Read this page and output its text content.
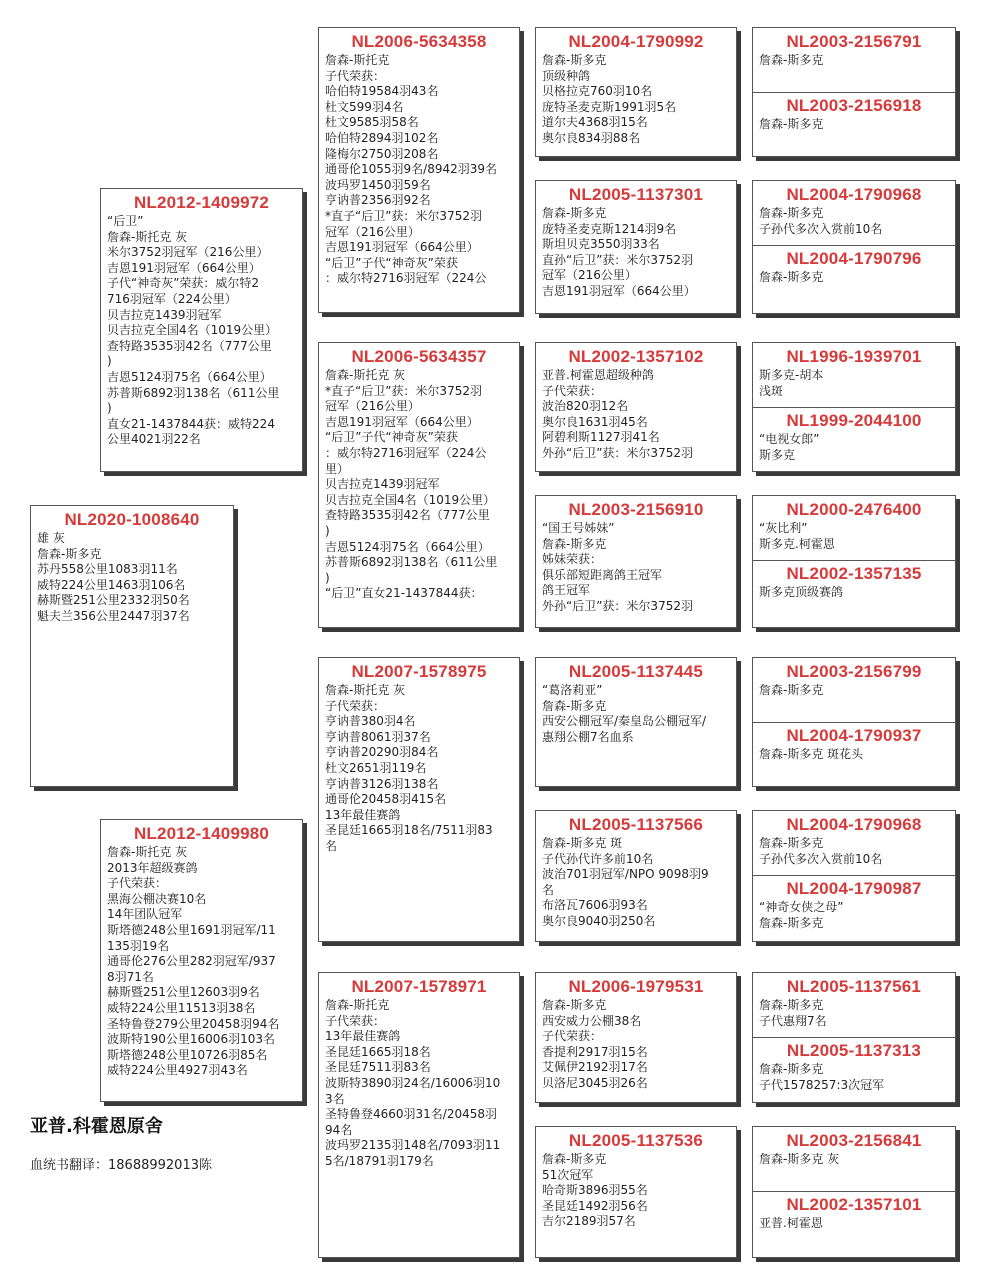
NL2020-1008640
雄 灰
詹森-斯多克
苏丹558公里1083羽11名
威特224公里1463羽106名
赫斯暨251公里2332羽50名
魁夫兰356公里2447羽37名
NL2012-1409972
“后卫”
詹森-斯托克 灰
米尔3752羽冠军（216公里）
吉恩191羽冠军（664公里）
子代“神奇灰”荣获：威尔特2
716羽冠军（224公里）
贝吉拉克1439羽冠军
贝吉拉克全国4名（1019公里）
查特路3535羽42名（777公里
)
吉恩5124羽75名（664公里）
苏普斯6892羽138名（611公里
)
直女21-1437844获：威特224
公里4021羽22名
NL2012-1409980
詹森-斯托克 灰
2013年超级赛鸽
子代荣获：
黑海公棚决赛10名
14年团队冠军
斯塔德248公里1691羽冠军/11
135羽19名
通哥伦276公里282羽冠军/937
8羽71名
赫斯暨251公里12603羽9名
威特224公里11513羽38名
圣特鲁登279公里20458羽94名
波斯特190公里16006羽103名
斯塔德248公里10726羽85名
威特224公里4927羽43名
NL2006-5634358
詹森-斯托克
子代荣获：
哈伯特19584羽43名
杜文599羽4名
杜文9585羽58名
哈伯特2894羽102名
隆梅尔2750羽208名
通哥伦1055羽9名/8942羽39名
波玛罗1450羽59名
亨讷普2356羽92名
*直子“后卫”获：米尔3752羽
冠军（216公里）
吉恩191羽冠军（664公里）
“后卫”子代“神奇灰”荣获
：威尔特2716羽冠军（224公
NL2006-5634357
詹森-斯托克 灰
*直子“后卫”获：米尔3752羽
冠军（216公里）
吉恩191羽冠军（664公里）
“后卫”子代“神奇灰”荣获
：威尔特2716羽冠军（224公
里）
贝吉拉克1439羽冠军
贝吉拉克全国4名（1019公里）
查特路3535羽42名（777公里
)
吉恩5124羽75名（664公里）
苏普斯6892羽138名（611公里
)
“后卫”直女21-1437844获：
NL2007-1578975
詹森-斯托克 灰
子代荣获：
亨讷普380羽4名
亨讷普8061羽37名
亨讷普20290羽84名
杜文2651羽119名
亨讷普3126羽138名
通哥伦20458羽415名
13年最佳赛鸽
圣昆廷1665羽18名/7511羽83
名
NL2007-1578971
詹森-斯托克
子代荣获：
13年最佳赛鸽
圣昆廷1665羽18名
圣昆廷7511羽83名
波斯特3890羽24名/16006羽10
3名
圣特鲁登4660羽31名/20458羽
94名
波玛罗2135羽148名/7093羽11
5名/18791羽179名
NL2004-1790992
詹森-斯多克
顶级种鸽
贝格拉克760羽10名
庞特圣麦克斯1991羽5名
道尔夫4368羽15名
奥尔良834羽88名
NL2005-1137301
詹森-斯多克
庞特圣麦克斯1214羽9名
斯坦贝克3550羽33名
直孙“后卫”获：米尔3752羽
冠军（216公里）
吉恩191羽冠军（664公里）
NL2002-1357102
亚普.柯霍恩超级种鸽
子代荣获：
波治820羽12名
奥尔良1631羽45名
阿碧利斯1127羽41名
外孙“后卫”获：米尔3752羽
NL2003-2156910
“国王号姊妹”
詹森-斯多克
姊妹荣获：
俱乐部短距离鸽王冠军
鸽王冠军
外孙“后卫”获：米尔3752羽
NL2005-1137445
“葛洛莉亚”
詹森-斯多克
西安公棚冠军/秦皇岛公棚冠军/
惠翔公棚7名血系
NL2005-1137566
詹森-斯多克 斑
子代孙代许多前10名
波治701羽冠军/NPO 9098羽9
名
布洛瓦7606羽93名
奥尔良9040羽250名
NL2006-1979531
詹森-斯多克
西安威力公棚38名
子代荣获：
香提利2917羽15名
艾佩伊2192羽17名
贝洛尼3045羽26名
NL2005-1137536
詹森-斯多克
51次冠军
哈奇斯3896羽55名
圣昆廷1492羽56名
吉尔2189羽57名
NL2003-2156791
詹森-斯多克
NL2003-2156918
詹森-斯多克
NL2004-1790968
詹森-斯多克
子孙代多次入赏前10名
NL2004-1790796
詹森-斯多克
NL1996-1939701
斯多克-胡本
浅斑
NL1999-2044100
“电视女郎”
斯多克
NL2000-2476400
“灰比利”
斯多克.柯霍恩
NL2002-1357135
斯多克顶级赛鸽
NL2003-2156799
詹森-斯多克
NL2004-1790937
詹森-斯多克 斑花头
NL2004-1790968
詹森-斯多克
子孙代多次入赏前10名
NL2004-1790987
“神奇女侠之母”
詹森-斯多克
NL2005-1137561
詹森-斯多克
子代惠翔7名
NL2005-1137313
詹森-斯多克
子代1578257:3次冠军
NL2003-2156841
詹森-斯多克 灰
NL2002-1357101
亚普.柯霍恩
亚普.科霍恩原舍
血统书翻译：18688992013陈
